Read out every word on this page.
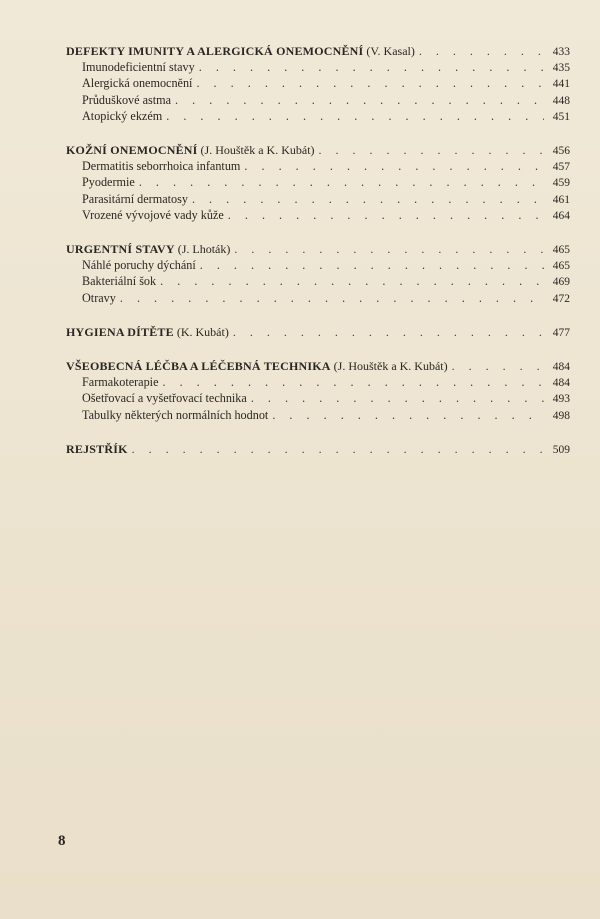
DEFEKTY IMUNITY A ALERGICKÁ ONEMOCNĚNÍ (V. Kasal) . . .	433
Imunodeficientní stavy . . .	435
Alergická onemocnění . . .	441
Průduškové astma . . .	448
Atopický ekzém . . .	451
KOŽNÍ ONEMOCNĚNÍ (J. Houštěk a K. Kubát) . . .	456
Dermatitis seborrhoica infantum . . .	457
Pyodermie . . .	459
Parasitární dermatosy . . .	461
Vrozené vývojové vady kůže . . .	464
URGENTNÍ STAVY (J. Lhoták) . . .	465
Náhlé poruchy dýchání . . .	465
Bakteriální šok . . .	469
Otravy . . .	472
HYGIENA DÍTĚTE (K. Kubát) . . .	477
VŠEOBECNÁ LÉČBA A LÉČEBNÁ TECHNIKA (J. Houštěk a K. Kubát) . . .	484
Farmakoterapie . . .	484
Ošetřovací a vyšetřovací technika . . .	493
Tabulky některých normálních hodnot . . .	498
REJSTŘÍK . . .	509
8
